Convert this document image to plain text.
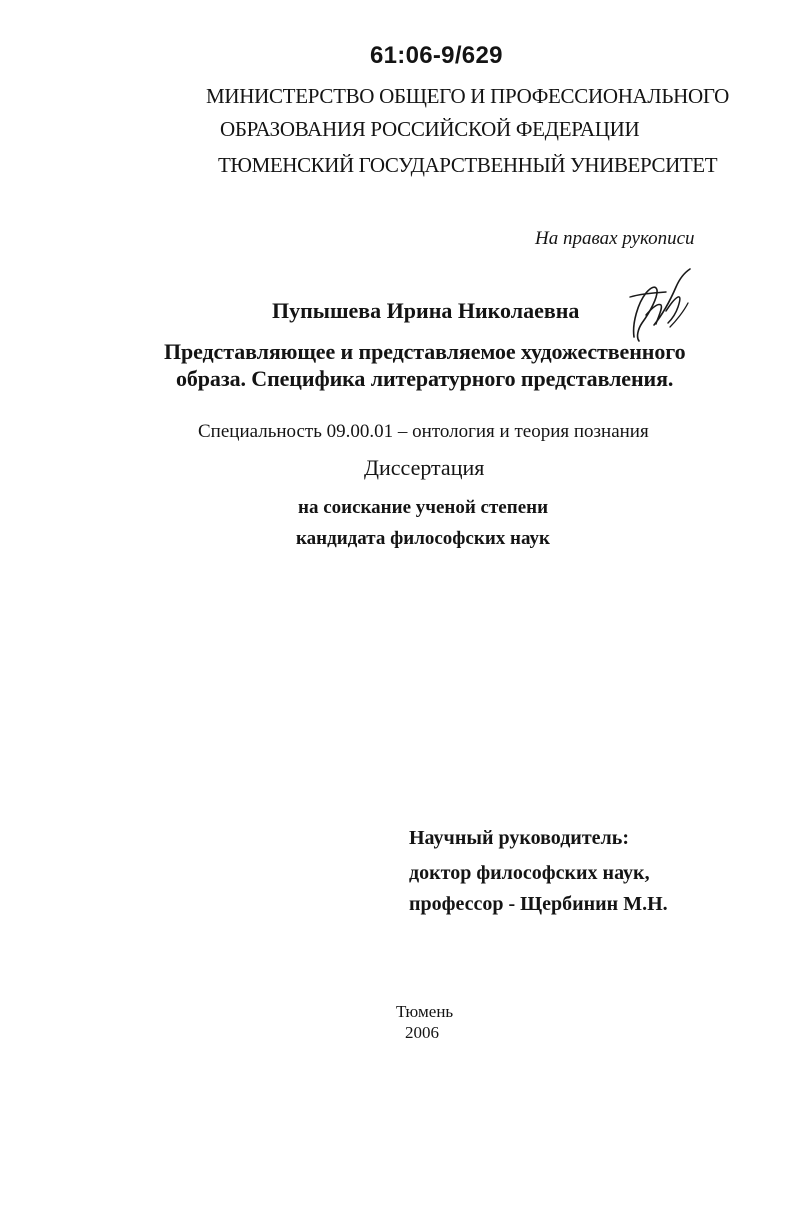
61:06-9/629
МИНИСТЕРСТВО ОБЩЕГО И ПРОФЕССИОНАЛЬНОГО
ОБРАЗОВАНИЯ РОССИЙСКОЙ ФЕДЕРАЦИИ
ТЮМЕНСКИЙ ГОСУДАРСТВЕННЫЙ УНИВЕРСИТЕТ
На правах рукописи
Пупышева Ирина Николаевна
Представляющее и представляемое художественного
образа. Специфика литературного представления.
Специальность 09.00.01 – онтология и теория познания
Диссертация
на соискание ученой степени
кандидата философских наук
Научный руководитель:
доктор философских наук,
профессор - Щербинин М.Н.
Тюмень
2006
